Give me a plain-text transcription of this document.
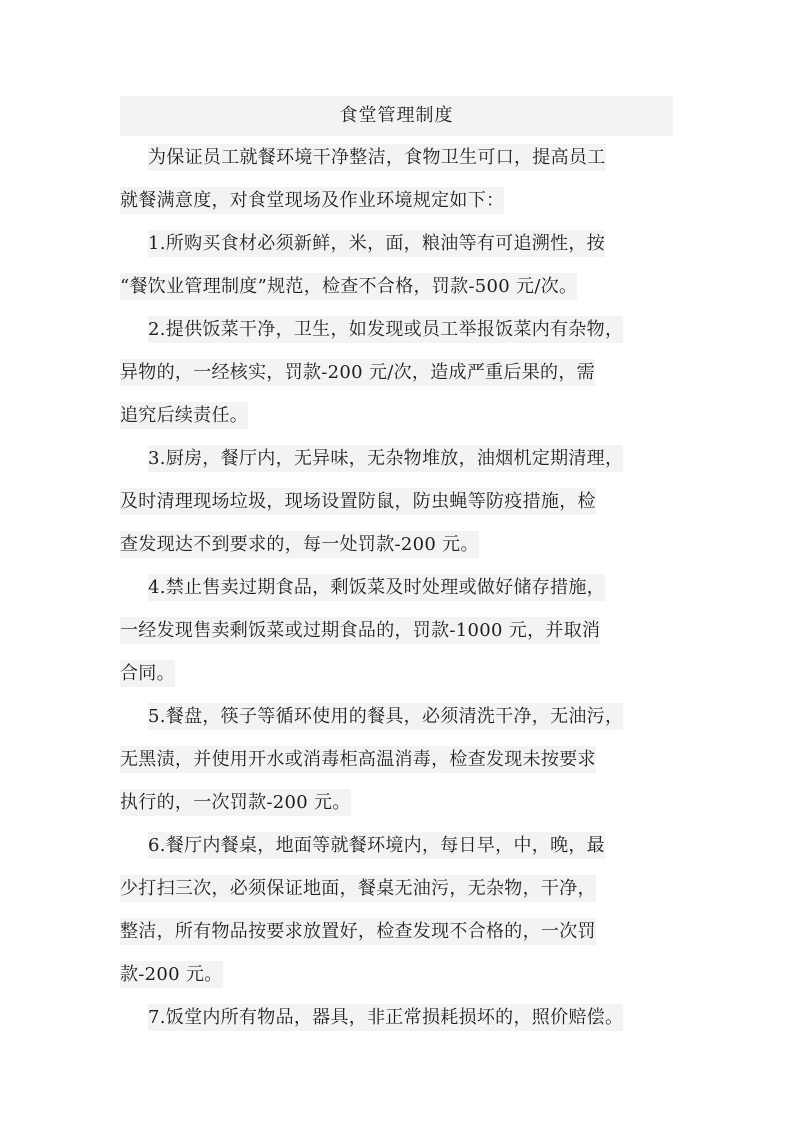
食堂管理制度
为保证员工就餐环境干净整洁，食物卫生可口，提高员工
就餐满意度，对食堂现场及作业环境规定如下：
1.所购买食材必须新鲜，米，面，粮油等有可追溯性，按
“餐饮业管理制度”规范，检查不合格，罚款-500 元/次。
2.提供饭菜干净，卫生，如发现或员工举报饭菜内有杂物，
异物的，一经核实，罚款-200 元/次，造成严重后果的，需
追究后续责任。
3.厨房，餐厅内，无异味，无杂物堆放，油烟机定期清理，
及时清理现场垃圾，现场设置防鼠，防虫蝇等防疫措施，检
查发现达不到要求的，每一处罚款-200 元。
4.禁止售卖过期食品，剩饭菜及时处理或做好储存措施，
一经发现售卖剩饭菜或过期食品的，罚款-1000 元，并取消
合同。
5.餐盘，筷子等循环使用的餐具，必须清洗干净，无油污，
无黑渍，并使用开水或消毒柜高温消毒，检查发现未按要求
执行的，一次罚款-200 元。
6.餐厅内餐桌，地面等就餐环境内，每日早，中，晚，最
少打扫三次，必须保证地面，餐桌无油污，无杂物，干净，
整洁，所有物品按要求放置好，检查发现不合格的，一次罚
款-200 元。
7.饭堂内所有物品，器具，非正常损耗损坏的，照价赔偿。
